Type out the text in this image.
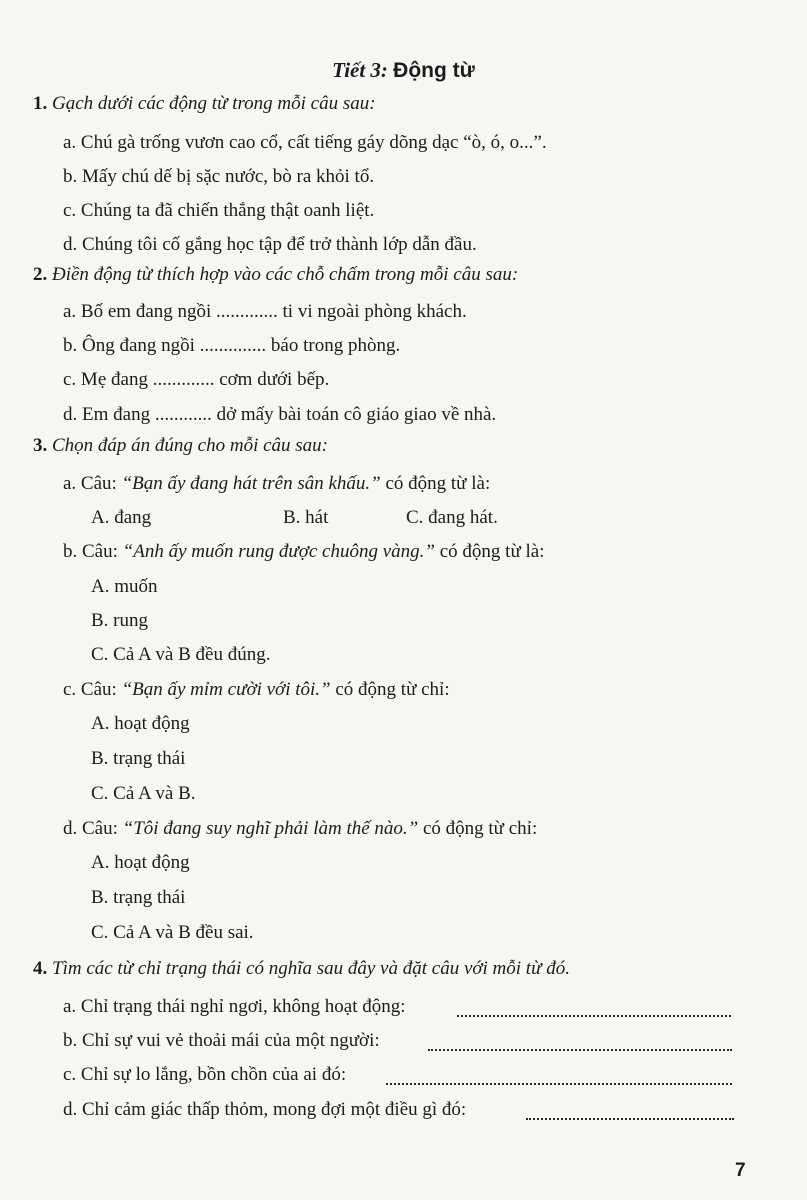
Tiết 3: Động từ
1. Gạch dưới các động từ trong mỗi câu sau:
a. Chú gà trống vươn cao cổ, cất tiếng gáy dõng dạc “ò, ó, o...”.
b. Mấy chú dế bị sặc nước, bò ra khỏi tổ.
c. Chúng ta đã chiến thắng thật oanh liệt.
d. Chúng tôi cố gắng học tập để trở thành lớp dẫn đầu.
2. Điền động từ thích hợp vào các chỗ chấm trong mỗi câu sau:
a. Bố em đang ngồi ............. ti vi ngoài phòng khách.
b. Ông đang ngồi .............. báo trong phòng.
c. Mẹ đang ............. cơm dưới bếp.
d. Em đang ............ dở mấy bài toán cô giáo giao về nhà.
3. Chọn đáp án đúng cho mỗi câu sau:
a. Câu: “Bạn ấy đang hát trên sân khấu.” có động từ là:
A. đang	B. hát	C. đang hát.
b. Câu: “Anh ấy muốn rung được chuông vàng.” có động từ là:
A. muốn
B. rung
C. Cả A và B đều đúng.
c. Câu: “Bạn ấy mỉm cười với tôi.” có động từ chỉ:
A. hoạt động
B. trạng thái
C. Cả A và B.
d. Câu: “Tôi đang suy nghĩ phải làm thế nào.” có động từ chỉ:
A. hoạt động
B. trạng thái
C. Cả A và B đều sai.
4. Tìm các từ chỉ trạng thái có nghĩa sau đây và đặt câu với mỗi từ đó.
a. Chỉ trạng thái nghỉ ngơi, không hoạt động:
b. Chỉ sự vui vẻ thoải mái của một người:
c. Chỉ sự lo lắng, bồn chồn của ai đó:
d. Chỉ cảm giác thấp thỏm, mong đợi một điều gì đó:
7
